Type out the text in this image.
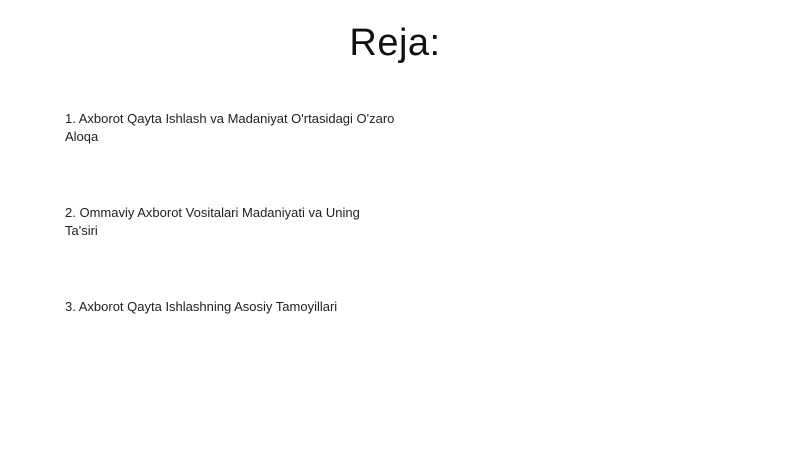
Reja:
1. Axborot Qayta Ishlash va Madaniyat O'rtasidagi O'zaro Aloqa
2. Ommaviy Axborot Vositalari Madaniyati va Uning Ta'siri
3. Axborot Qayta Ishlashning Asosiy Tamoyillari
